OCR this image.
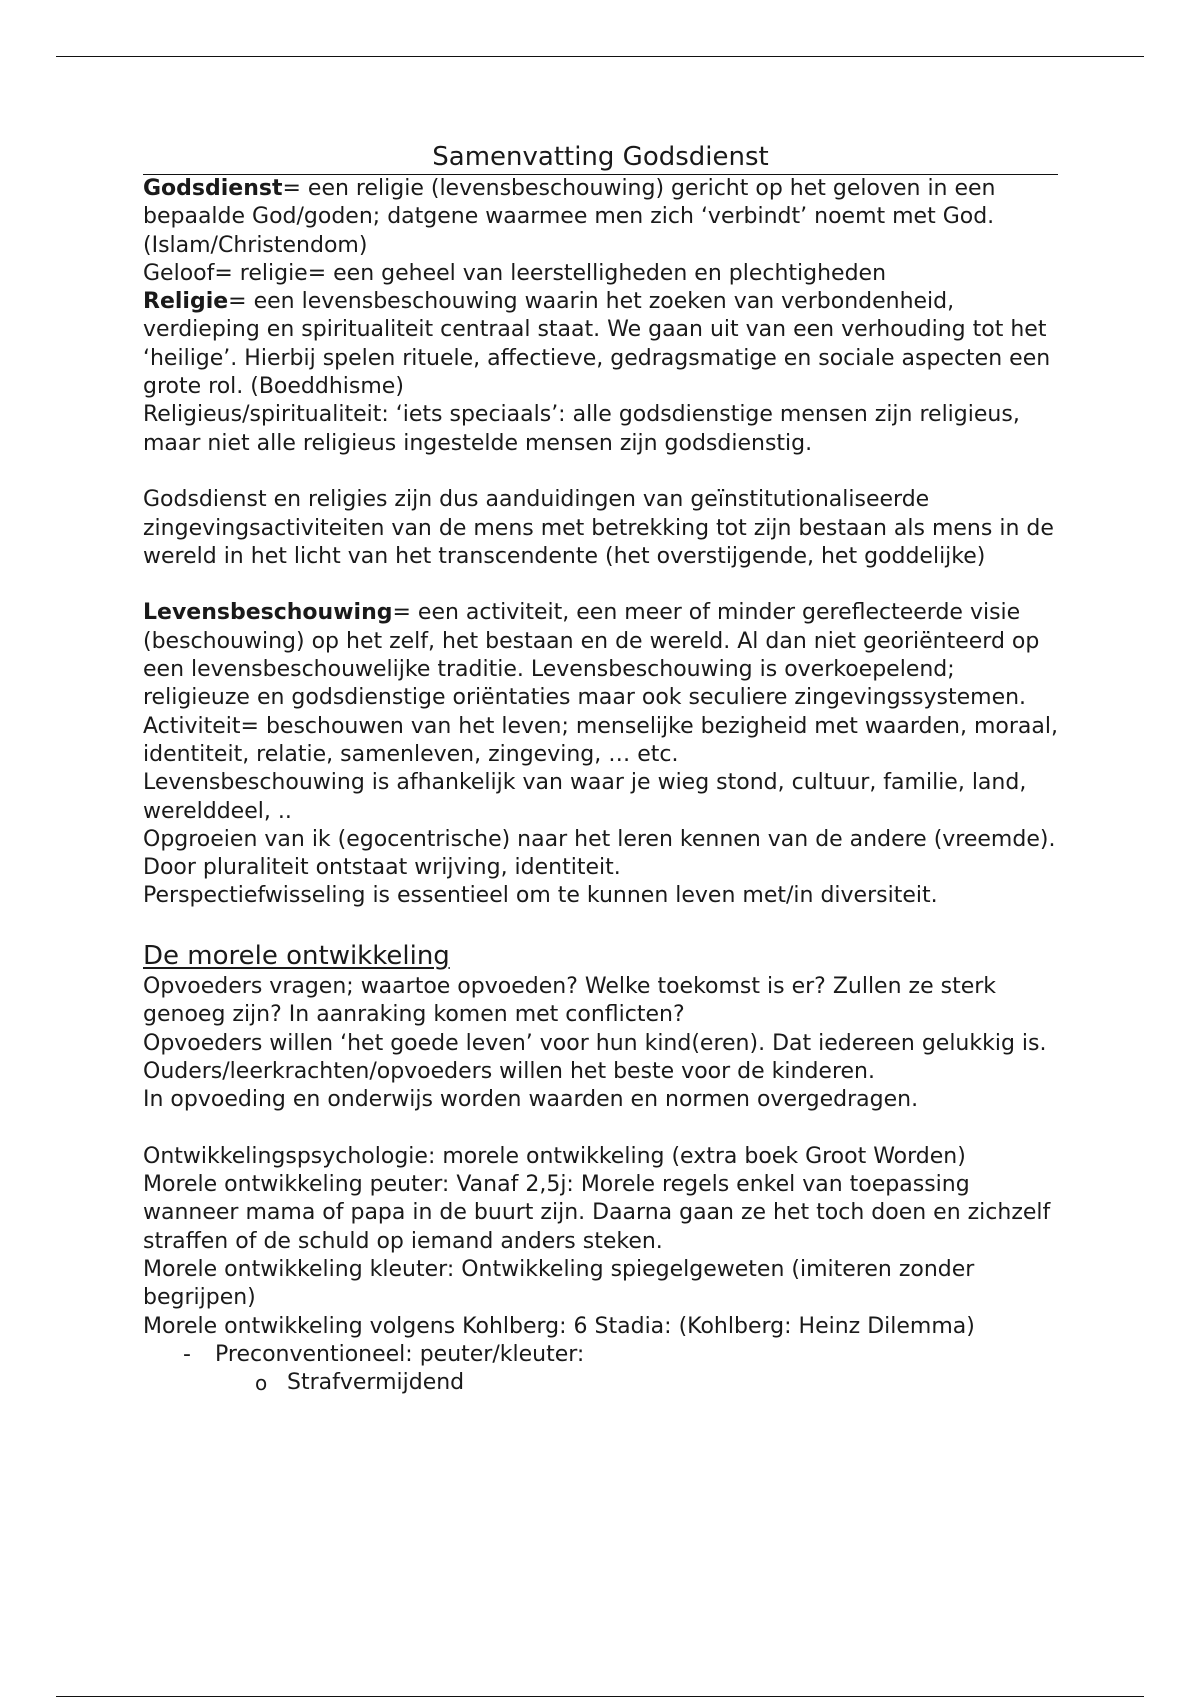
Samenvatting Godsdienst

Godsdienst= een religie (levensbeschouwing) gericht op het geloven in een bepaalde God/goden; datgene waarmee men zich ‘verbindt’ noemt met God. (Islam/Christendom)

Geloof= religie= een geheel van leerstelligheden en plechtigheden

Religie= een levensbeschouwing waarin het zoeken van verbondenheid, verdieping en spiritualiteit centraal staat. We gaan uit van een verhouding tot het ‘heilige’. Hierbij spelen rituele, affectieve, gedragsmatige en sociale aspecten een grote rol. (Boeddhisme)

Religieus/spiritualiteit: ‘iets speciaals’: alle godsdienstige mensen zijn religieus, maar niet alle religieus ingestelde mensen zijn godsdienstig.

Godsdienst en religies zijn dus aanduidingen van geïnstitutionaliseerde zingevingsactiviteiten van de mens met betrekking tot zijn bestaan als mens in de wereld in het licht van het transcendente (het overstijgende, het goddelijke)

Levensbeschouwing= een activiteit, een meer of minder gereflecteerde visie (beschouwing) op het zelf, het bestaan en de wereld. Al dan niet georiënteerd op een levensbeschouwelijke traditie. Levensbeschouwing is overkoepelend; religieuze en godsdienstige oriëntaties maar ook seculiere zingevingssystemen.

Activiteit= beschouwen van het leven; menselijke bezigheid met waarden, moraal, identiteit, relatie, samenleven, zingeving, … etc.

Levensbeschouwing is afhankelijk van waar je wieg stond, cultuur, familie, land, werelddeel, ..

Opgroeien van ik (egocentrische) naar het leren kennen van de andere (vreemde).

Door pluraliteit ontstaat wrijving, identiteit.

Perspectiefwisseling is essentieel om te kunnen leven met/in diversiteit.

De morele ontwikkeling

Opvoeders vragen; waartoe opvoeden? Welke toekomst is er? Zullen ze sterk genoeg zijn? In aanraking komen met conflicten?

Opvoeders willen ‘het goede leven’ voor hun kind(eren). Dat iedereen gelukkig is.

Ouders/leerkrachten/opvoeders willen het beste voor de kinderen.

In opvoeding en onderwijs worden waarden en normen overgedragen.

Ontwikkelingspsychologie: morele ontwikkeling (extra boek Groot Worden)

Morele ontwikkeling peuter: Vanaf 2,5j: Morele regels enkel van toepassing wanneer mama of papa in de buurt zijn. Daarna gaan ze het toch doen en zichzelf straffen of de schuld op iemand anders steken.

Morele ontwikkeling kleuter: Ontwikkeling spiegelgeweten (imiteren zonder begrijpen)

Morele ontwikkeling volgens Kohlberg: 6 Stadia: (Kohlberg: Heinz Dilemma)

-	Preconventioneel: peuter/kleuter:
o Strafvermijdend
